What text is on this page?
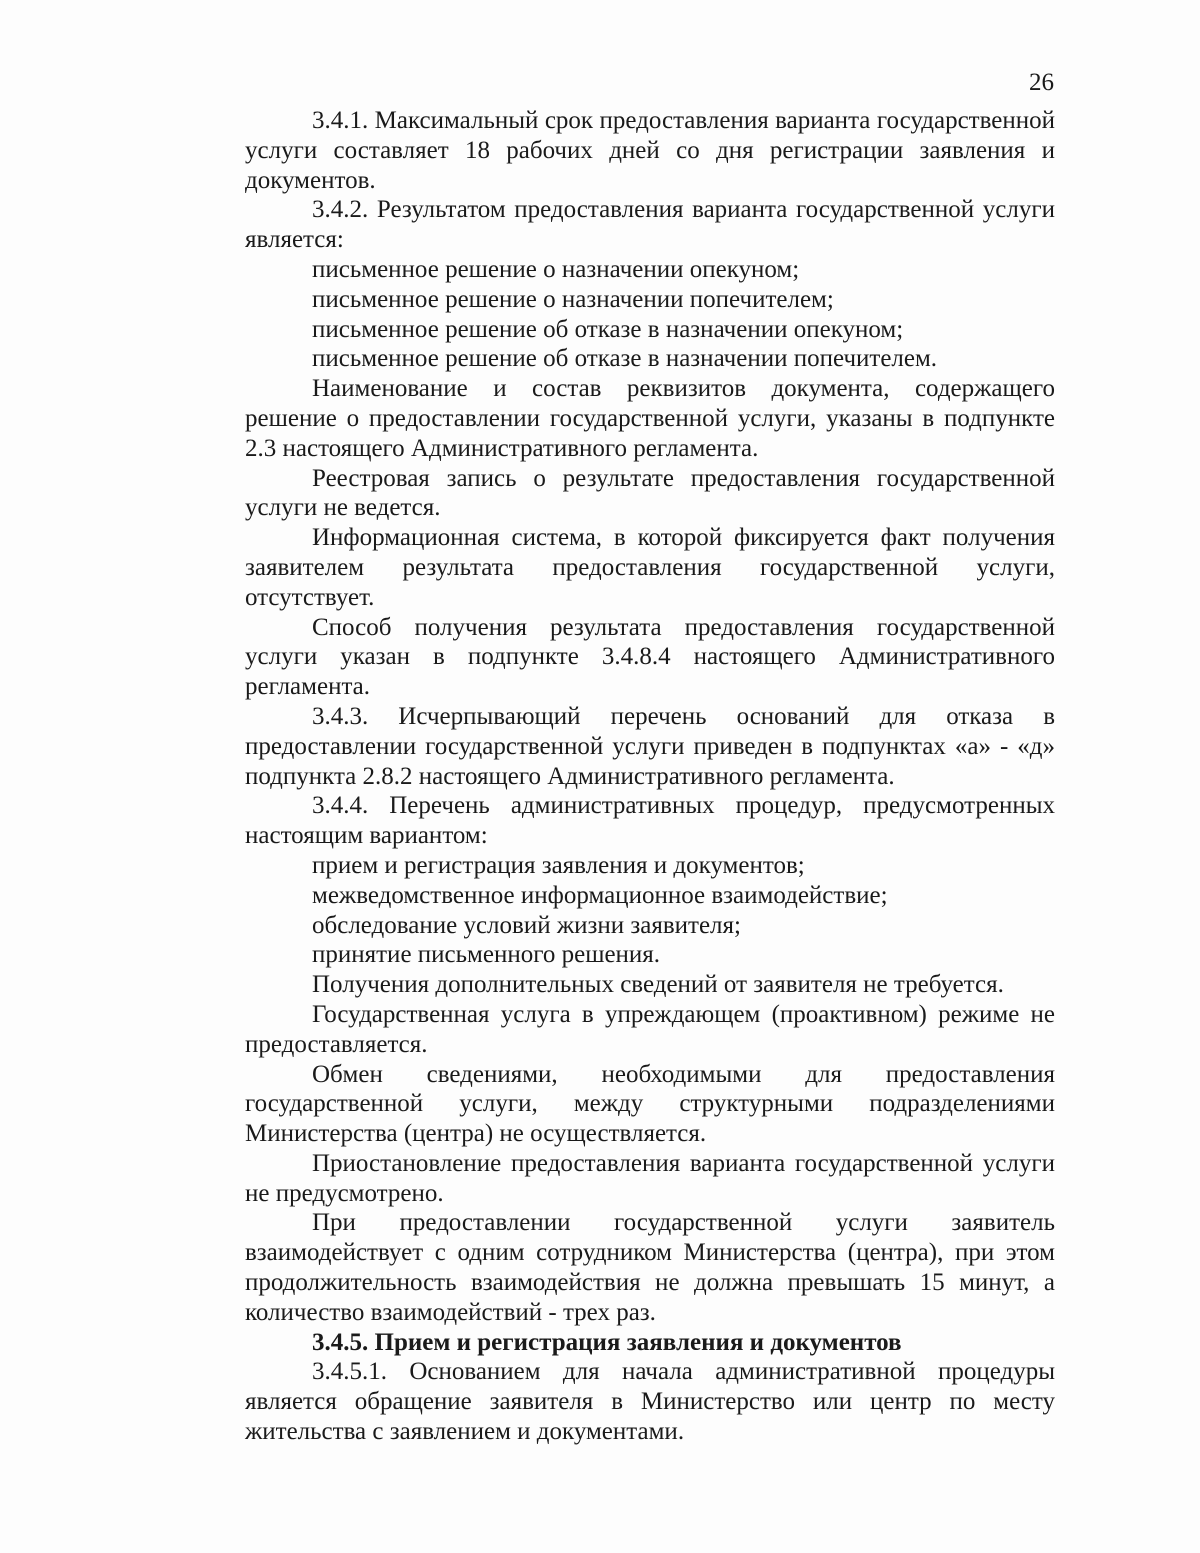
26

3.4.1. Максимальный срок предоставления варианта государственной услуги составляет 18 рабочих дней со дня регистрации заявления и документов.

3.4.2. Результатом предоставления варианта государственной услуги является:

письменное решение о назначении опекуном;

письменное решение о назначении попечителем;

письменное решение об отказе в назначении опекуном;

письменное решение об отказе в назначении попечителем.

Наименование и состав реквизитов документа, содержащего решение о предоставлении государственной услуги, указаны в подпункте 2.3 настоящего Административного регламента.

Реестровая запись о результате предоставления государственной услуги не ведется.

Информационная система, в которой фиксируется факт получения заявителем результата предоставления государственной услуги, отсутствует.

Способ получения результата предоставления государственной услуги указан в подпункте 3.4.8.4 настоящего Административного регламента.

3.4.3. Исчерпывающий перечень оснований для отказа в предоставлении государственной услуги приведен в подпунктах «а» - «д» подпункта 2.8.2 настоящего Административного регламента.

3.4.4. Перечень административных процедур, предусмотренных настоящим вариантом:

прием и регистрация заявления и документов;

межведомственное информационное взаимодействие;

обследование условий жизни заявителя;

принятие письменного решения.

Получения дополнительных сведений от заявителя не требуется.

Государственная услуга в упреждающем (проактивном) режиме не предоставляется.

Обмен сведениями, необходимыми для предоставления государственной услуги, между структурными подразделениями Министерства (центра) не осуществляется.

Приостановление предоставления варианта государственной услуги не предусмотрено.

При предоставлении государственной услуги заявитель взаимодействует с одним сотрудником Министерства (центра), при этом продолжительность взаимодействия не должна превышать 15 минут, а количество взаимодействий - трех раз.

3.4.5. Прием и регистрация заявления и документов

3.4.5.1. Основанием для начала административной процедуры является обращение заявителя в Министерство или центр по месту жительства с заявлением и документами.
